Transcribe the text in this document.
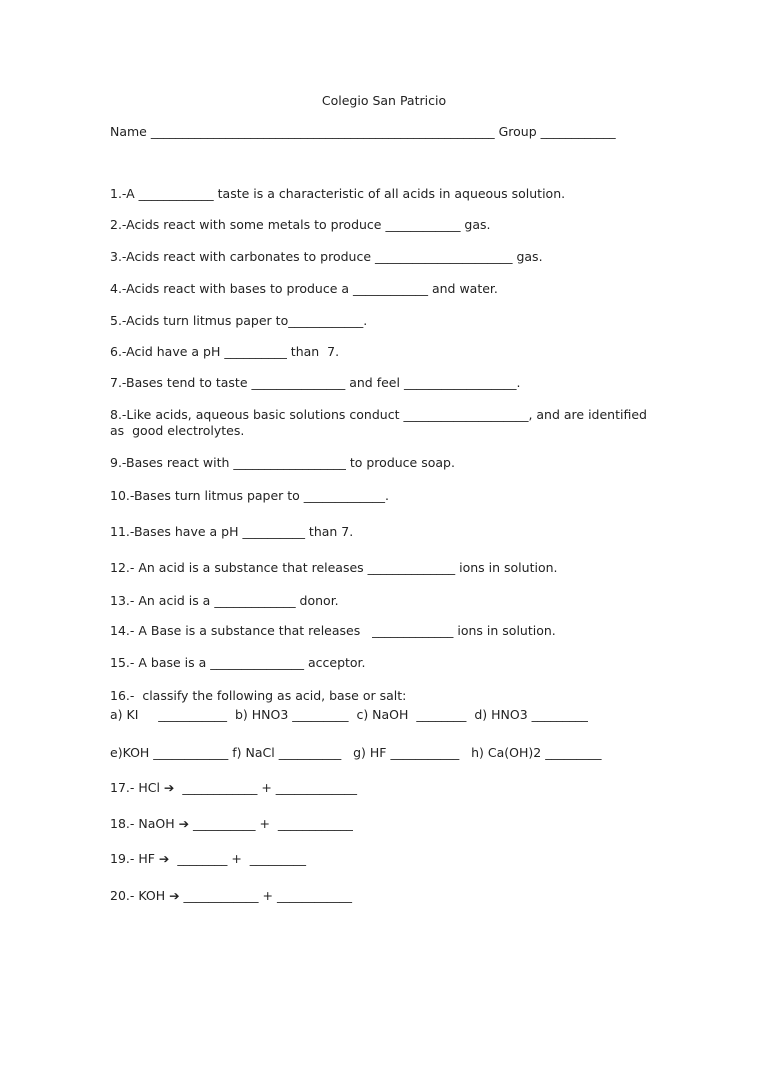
Colegio San Patricio
Name _______________________________________________________ Group ____________
1.-A ____________ taste is a characteristic of all acids in aqueous solution.
2.-Acids react with some metals to produce ____________ gas.
3.-Acids react with carbonates to produce ______________________ gas.
4.-Acids react with bases to produce a ____________ and water.
5.-Acids turn litmus paper to____________.
6.-Acid have a pH __________ than  7.
7.-Bases tend to taste _______________ and feel __________________.
8.-Like acids, aqueous basic solutions conduct ____________________, and are identified
as  good electrolytes.
9.-Bases react with __________________ to produce soap.
10.-Bases turn litmus paper to _____________.
11.-Bases have a pH __________ than 7.
12.- An acid is a substance that releases ______________ ions in solution.
13.- An acid is a _____________ donor.
14.- A Base is a substance that releases   _____________ ions in solution.
15.- A base is a _______________ acceptor.
16.-  classify the following as acid, base or salt:
a) KI     ___________  b) HNO3 _________  c) NaOH  ________  d) HNO3 _________
e)KOH ____________ f) NaCl __________   g) HF ___________   h) Ca(OH)2 _________
17.- HCl ➔  ____________ + _____________
18.- NaOH ➔ __________ +  ____________
19.- HF ➔  ________ +  _________
20.- KOH ➔ ____________ + ____________
